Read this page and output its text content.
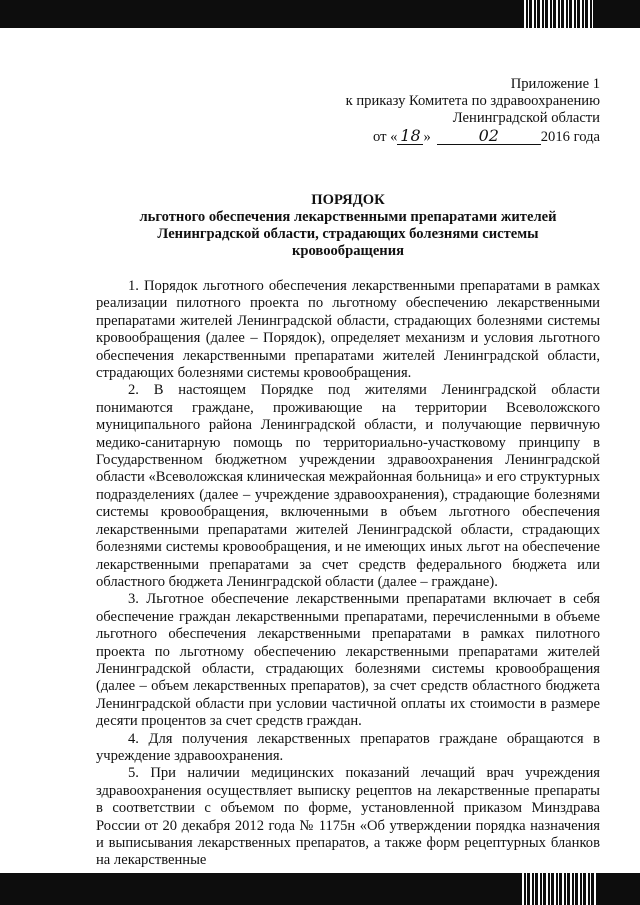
Приложение 1
к приказу Комитета по здравоохранению
Ленинградской области
от « 18 »	02	2016 года
ПОРЯДОК
льготного обеспечения лекарственными препаратами жителей Ленинградской области, страдающих болезнями системы кровообращения

1. Порядок льготного обеспечения лекарственными препаратами в рамках реализации пилотного проекта по льготному обеспечению лекарственными препаратами жителей Ленинградской области, страдающих болезнями системы кровообращения (далее – Порядок), определяет механизм и условия льготного обеспечения лекарственными препаратами жителей Ленинградской области, страдающих болезнями системы кровообращения.

2. В настоящем Порядке под жителями Ленинградской области понимаются граждане, проживающие на территории Всеволожского муниципального района Ленинградской области, и получающие первичную медико-санитарную помощь по территориально-участковому принципу в Государственном бюджетном учреждении здравоохранения Ленинградской области «Всеволожская клиническая межрайонная больница» и его структурных подразделениях (далее – учреждение здравоохранения), страдающие болезнями системы кровообращения, включенными в объем льготного обеспечения лекарственными препаратами жителей Ленинградской области, страдающих болезнями системы кровообращения, и не имеющих иных льгот на обеспечение лекарственными препаратами за счет средств федерального бюджета или областного бюджета Ленинградской области (далее – граждане).

3. Льготное обеспечение лекарственными препаратами включает в себя обеспечение граждан лекарственными препаратами, перечисленными в объеме льготного обеспечения лекарственными препаратами в рамках пилотного проекта по льготному обеспечению лекарственными препаратами жителей Ленинградской области, страдающих болезнями системы кровообращения (далее – объем лекарственных препаратов), за счет средств областного бюджета Ленинградской области при условии частичной оплаты их стоимости в размере десяти процентов за счет средств граждан.

4. Для получения лекарственных препаратов граждане обращаются в учреждение здравоохранения.

5. При наличии медицинских показаний лечащий врач учреждения здравоохранения осуществляет выписку рецептов на лекарственные препараты в соответствии с объемом по форме, установленной приказом Минздрава России от 20 декабря 2012 года № 1175н «Об утверждении порядка назначения и выписывания лекарственных препаратов, а также форм рецептурных бланков на лекарственные
